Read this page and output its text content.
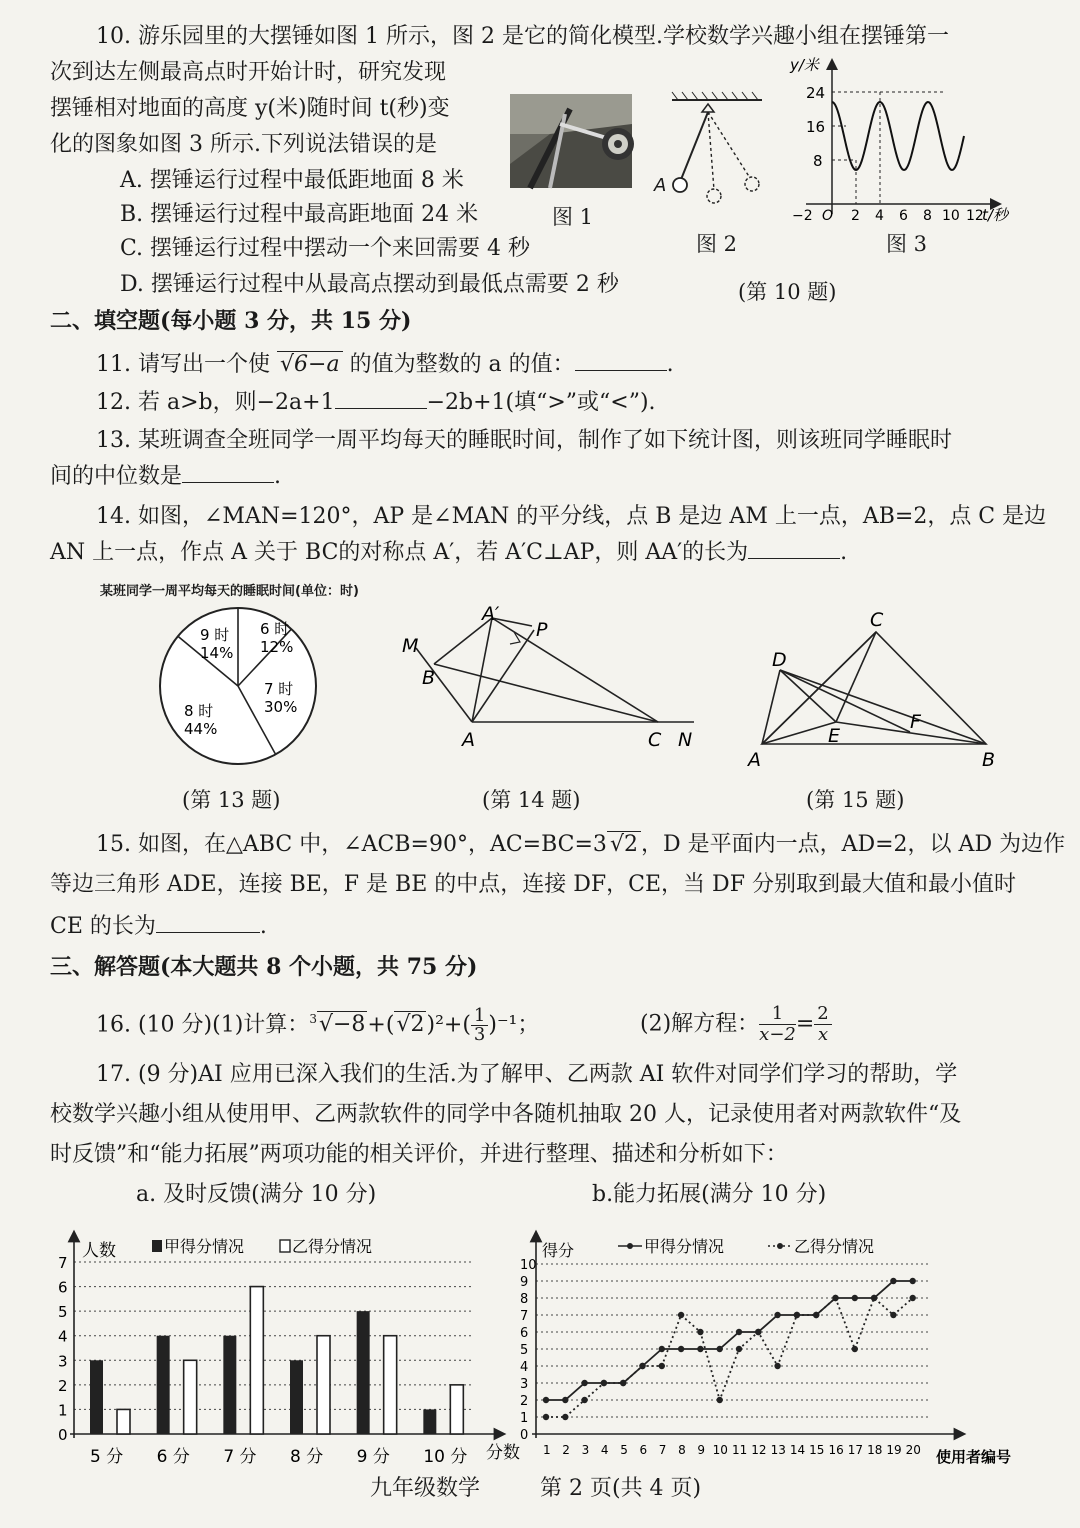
10. 游乐园里的大摆锤如图 1 所示，图 2 是它的简化模型.学校数学兴趣小组在摆锤第一
次到达左侧最高点时开始计时，研究发现
摆锤相对地面的高度 y(米)随时间 t(秒)变
化的图象如图 3 所示.下列说法错误的是
A. 摆锤运行过程中最低距地面 8 米
B. 摆锤运行过程中最高距地面 24 米
C. 摆锤运行过程中摆动一个来回需要 4 秒
D. 摆锤运行过程中从最高点摆动到最低点需要 2 秒
图 1
A
图 2
y/米
t/秒
24
16
8
−2 O 2 4 6 8 10 12
图 3
(第 10 题)
二、填空题(每小题 3 分，共 15 分)
11. 请写出一个使 √6−a 的值为整数的 a 的值：	.
12. 若 a>b，则−2a+1	−2b+1(填“>”或“<”).
13. 某班调查全班同学一周平均每天的睡眠时间，制作了如下统计图，则该班同学睡眠时
间的中位数是	.
14. 如图，∠MAN=120°，AP 是∠MAN 的平分线，点 B 是边 AM 上一点，AB=2，点 C 是边
AN 上一点，作点 A 关于 BC的对称点 A′，若 A′C⊥AP，则 AA′的长为	.
某班同学一周平均每天的睡眠时间(单位：时)
6 时
12%
7 时
30%
8 时
44%
9 时
14%
(第 13 题)
M
B
A′
P
A	C N
(第 14 题)
C
D
F
E
A	B
(第 15 题)
15. 如图，在△ABC 中，∠ACB=90°，AC=BC=3 √2 ，D 是平面内一点，AD=2，以 AD 为边作
等边三角形 ADE，连接 BE，F 是 BE 的中点，连接 DF，CE，当 DF 分别取到最大值和最小值时
CE 的长为	.
三、解答题(本大题共 8 个小题，共 75 分)
16. (10 分)(1)计算：$^3√-8+(√2)^2+( \frac{1}{3} )^{-1}$；	(2)解方程： $\frac{1}{x-2} = \frac{2}{x}$
17. (9 分)AI 应用已深入我们的生活.为了解甲、乙两款 AI 软件对同学们学习的帮助，学
校数学兴趣小组从使用甲、乙两款软件的同学中各随机抽取 20 人，记录使用者对两款软件“及
时反馈”和“能力拓展”两项功能的相关评价，并进行整理、描述和分析如下：
a. 及时反馈(满分 10 分)	b.能力拓展(满分 10 分)
0
1
2
3
4
5
6
7
人数
分数
甲得分情况	乙得分情况
5 分 6 分 7 分 8 分 9 分 10 分
0
1
2
3
4
5
6
7
8
9
10
得分
使用者编号
甲得分情况	乙得分情况
1 2 3 4 5 6 7 8 9 10 11 12 13 14 15 16 17 18 19 20
九年级数学	第 2 页(共 4 页)
